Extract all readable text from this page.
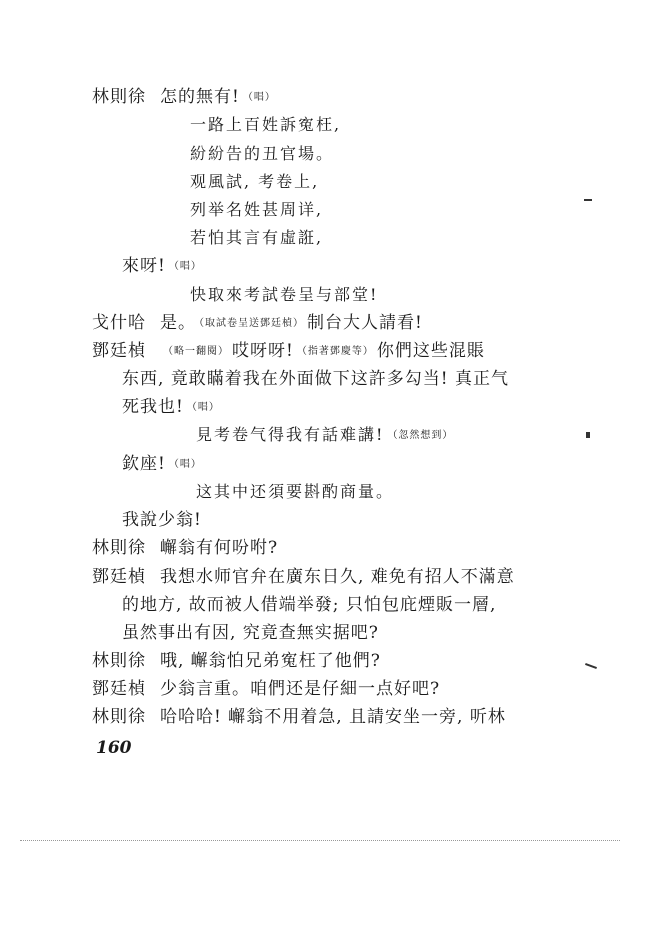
林則徐 怎的無有! （唱）
一路上百姓訴寃枉,
紛紛告的丑官場。
观風試, 考卷上,
列举名姓甚周详,
若怕其言有虛誑,
來呀! （唱）
快取來考試卷呈与部堂!
戈什哈 是。 （取試卷呈送鄧廷楨） 制台大人請看!
鄧廷楨 （略一翻閱） 哎呀呀! （指著鄧慶等） 你們这些混賬
东西, 竟敢瞞着我在外面做下这許多勾当! 真正气
死我也! （唱）
見考卷气得我有話难講! （忽然想到）
欽座! （唱）
这其中还須要斟酌商量。
我說少翁!
林則徐 嶰翁有何吩咐?
鄧廷楨 我想水师官弁在廣东日久, 难免有招人不滿意
的地方, 故而被人借端举發; 只怕包庇煙販一層,
虽然事出有因, 究竟查無实据吧?
林則徐 哦, 嶰翁怕兄弟寃枉了他們?
鄧廷楨 少翁言重。咱們还是仔細一点好吧?
林則徐 哈哈哈! 嶰翁不用着急, 且請安坐一旁, 听林
160
